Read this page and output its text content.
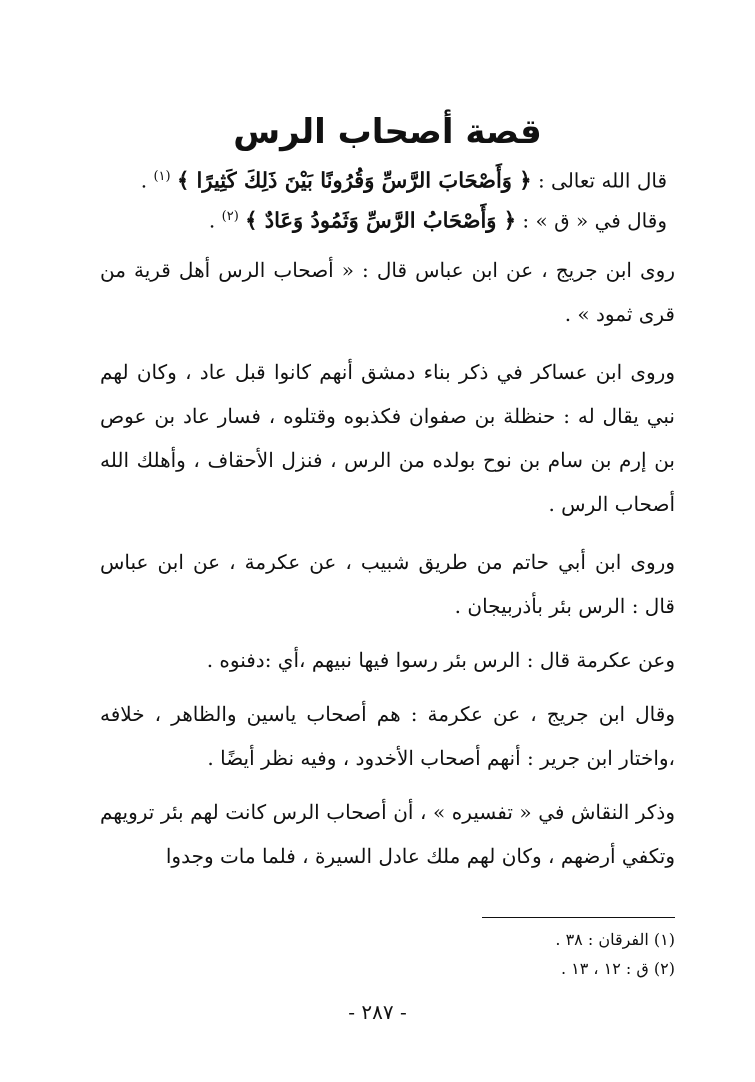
قصة أصحاب الرس
قال الله تعالى : ﴿ وَأَصْحَابَ الرَّسِّ وَقُرُونًا بَيْنَ ذَلِكَ كَثِيرًا ﴾ $^{(١)}$ .
وقال في « ق » : ﴿ وَأَصْحَابُ الرَّسِّ وَثَمُودُ وَعَادٌ ﴾ $^{(٢)}$ .

روى ابن جريج ، عن ابن عباس قال : « أصحاب الرس أهل قرية من قرى ثمود » .

وروى ابن عساكر في ذكر بناء دمشق أنهم كانوا قبل عاد ، وكان لهم نبي يقال له : حنظلة بن صفوان فكذبوه وقتلوه ، فسار عاد بن عوص بن إرم بن سام بن نوح بولده من الرس ، فنزل الأحقاف ، وأهلك الله أصحاب الرس .

وروى ابن أبي حاتم من طريق شبيب ، عن عكرمة ، عن ابن عباس قال : الرس بئر بأذربيجان .

وعن عكرمة قال : الرس بئر رسوا فيها نبيهم ،أي :دفنوه .

وقال ابن جريج ، عن عكرمة : هم أصحاب ياسين والظاهر ، خلافه ،واختار ابن جرير : أنهم أصحاب الأخدود ، وفيه نظر أيضًا .

وذكر النقاش في « تفسيره » ، أن أصحاب الرس كانت لهم بئر ترويهم وتكفي أرضهم ، وكان لهم ملك عادل السيرة ، فلما مات وجدوا

(١) الفرقان : ٣٨ .
(٢) ق : ١٢ ، ١٣ .
- ٢٨٧ -
